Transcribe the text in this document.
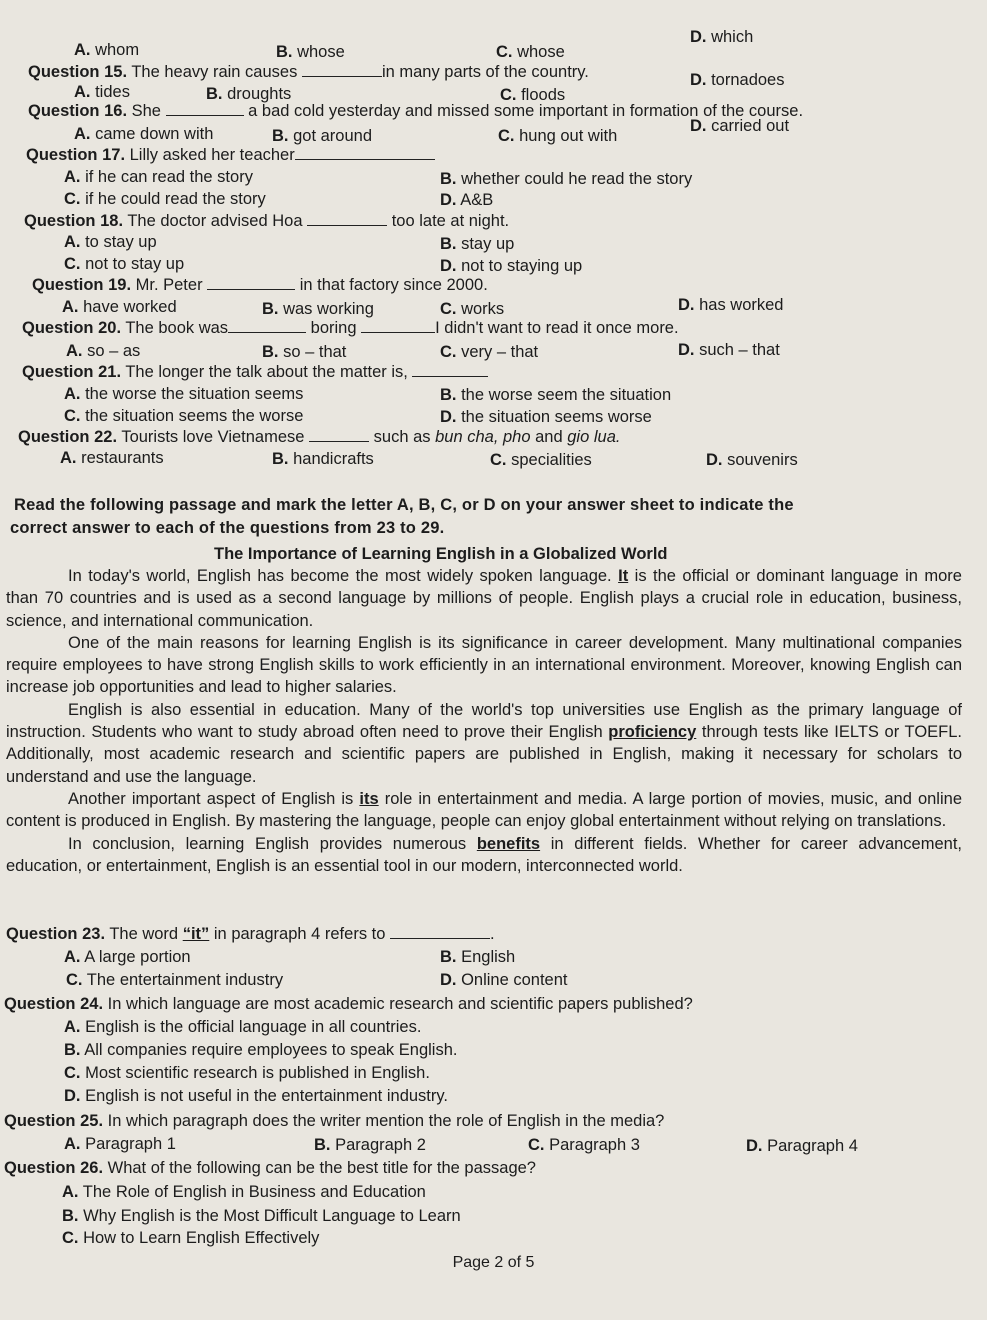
A. whom	B. whose	C. whose
D. which
Question 15. The heavy rain causes	in many parts of the country.
A. tides	B. droughts	C. floods
D. tornadoes
Question 16. She	a bad cold yesterday and missed some important in formation of the course.
A. came down with	B. got around	C. hung out with
D. carried out
Question 17. Lilly asked her teacher
A. if he can read the story	B. whether could he read the story
C. if he could read the story	D. A&B
Question 18. The doctor advised Hoa	too late at night.
A. to stay up	B. stay up
C. not to stay up	D. not to staying up
Question 19. Mr. Peter	in that factory since 2000.
A. have worked	B. was working	C. works	D. has worked
Question 20. The book was	boring	I didn't want to read it once more.
A. so – as	B. so – that	C. very – that	D. such – that
Question 21. The longer the talk about the matter is,
A. the worse the situation seems	B. the worse seem the situation
C. the situation seems the worse	D. the situation seems worse
Question 22. Tourists love Vietnamese	such as bun cha, pho and gio lua.
A. restaurants	B. handicrafts	C. specialities	D. souvenirs
Read the following passage and mark the letter A, B, C, or D on your answer sheet to indicate the
correct answer to each of the questions from 23 to 29.
The Importance of Learning English in a Globalized World

In today's world, English has become the most widely spoken language. It is the official or dominant language in more than 70 countries and is used as a second language by millions of people. English plays a crucial role in education, business, science, and international communication.

One of the main reasons for learning English is its significance in career development. Many multinational companies require employees to have strong English skills to work efficiently in an international environment. Moreover, knowing English can increase job opportunities and lead to higher salaries.

English is also essential in education. Many of the world's top universities use English as the primary language of instruction. Students who want to study abroad often need to prove their English proficiency through tests like IELTS or TOEFL. Additionally, most academic research and scientific papers are published in English, making it necessary for scholars to understand and use the language.

Another important aspect of English is its role in entertainment and media. A large portion of movies, music, and online content is produced in English. By mastering the language, people can enjoy global entertainment without relying on translations.

In conclusion, learning English provides numerous benefits in different fields. Whether for career advancement, education, or entertainment, English is an essential tool in our modern, interconnected world.

Question 23. The word “it” in paragraph 4 refers to	.
A. A large portion	B. English
C. The entertainment industry	D. Online content
Question 24. In which language are most academic research and scientific papers published?
A. English is the official language in all countries.
B. All companies require employees to speak English.
C. Most scientific research is published in English.
D. English is not useful in the entertainment industry.
Question 25. In which paragraph does the writer mention the role of English in the media?
A. Paragraph 1	B. Paragraph 2	C. Paragraph 3	D. Paragraph 4
Question 26. What of the following can be the best title for the passage?
A. The Role of English in Business and Education
B. Why English is the Most Difficult Language to Learn
C. How to Learn English Effectively
Page 2 of 5
